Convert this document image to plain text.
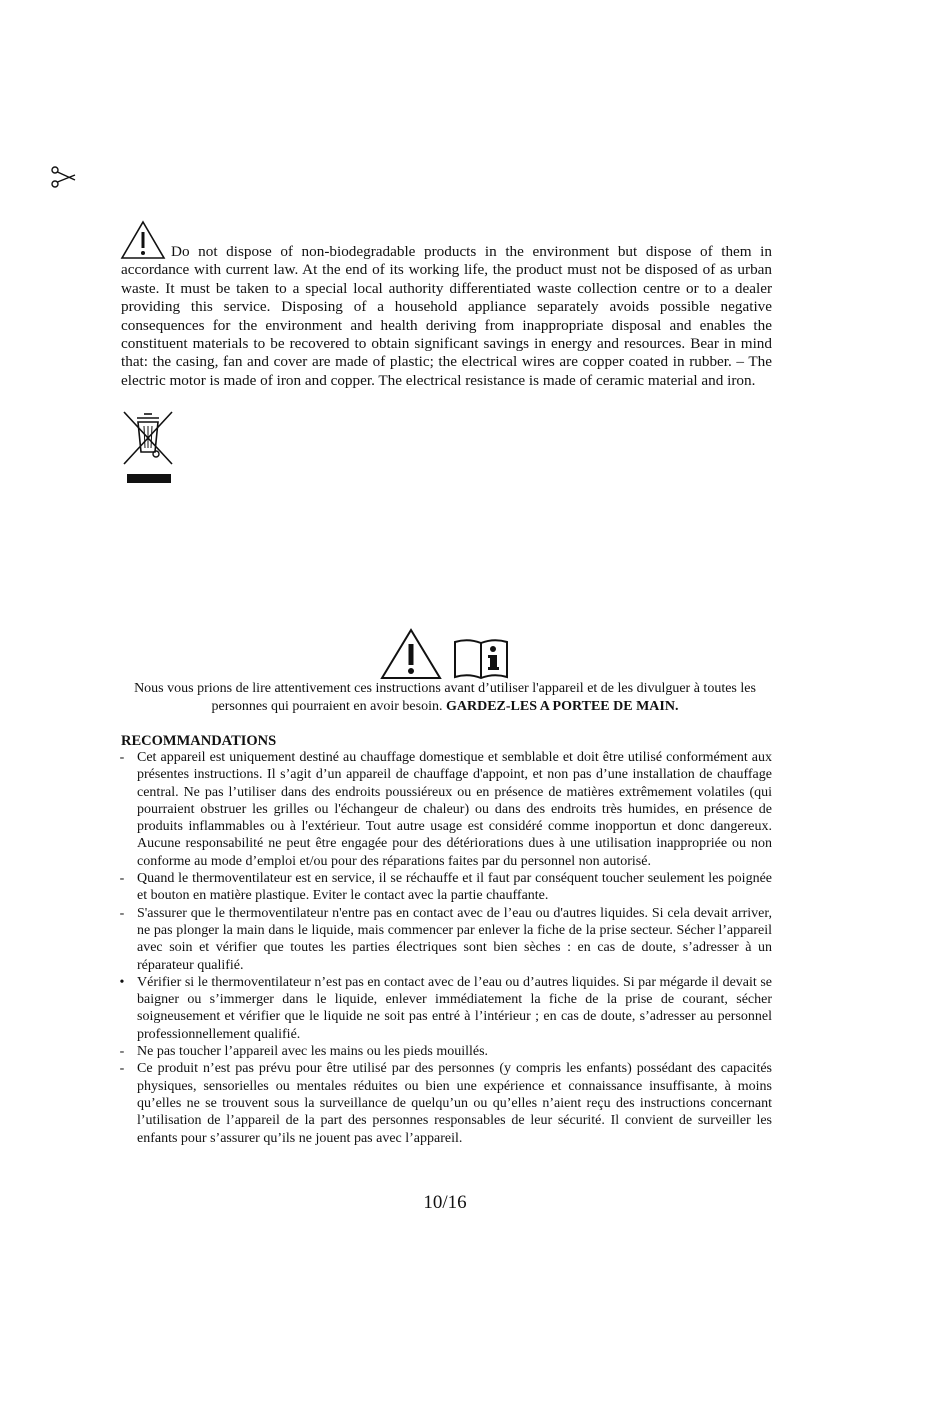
Do not dispose of non-biodegradable products in the environment but dispose of them in accordance with current law. At the end of its working life, the product must not be disposed of as urban waste. It must be taken to a special local authority differentiated waste collection centre or to a dealer providing this service. Disposing of a household appliance separately avoids possible negative consequences for the environment and health deriving from inappropriate disposal and enables the constituent materials to be recovered to obtain significant savings in energy and resources. Bear in mind that: the casing, fan and cover are made of plastic; the electrical wires are copper coated in rubber. – The electric motor is made of iron and copper. The electrical resistance is made of ceramic material and iron.
Nous vous prions de lire attentivement ces instructions avant d’utiliser l'appareil et de les divulguer à toutes les personnes qui pourraient en avoir besoin. GARDEZ-LES A PORTEE DE MAIN.
RECOMMANDATIONS

- Cet appareil est uniquement destiné au chauffage domestique et semblable et doit être utilisé conformément aux présentes instructions. Il s’agit d’un appareil de chauffage d'appoint, et non pas d’une installation de chauffage central. Ne pas l’utiliser dans des endroits poussiéreux ou en présence de matières extrêmement volatiles (qui pourraient obstruer les grilles ou l'échangeur de chaleur) ou dans des endroits très humides, en présence de produits inflammables ou à l'extérieur. Tout autre usage est considéré comme inopportun et donc dangereux. Aucune responsabilité ne peut être engagée pour des détériorations dues à une utilisation inappropriée ou non conforme au mode d’emploi et/ou pour des réparations faites par du personnel non autorisé.

- Quand le thermoventilateur est en service, il se réchauffe et il faut par conséquent toucher seulement les poignée et bouton en matière plastique. Eviter le contact avec la partie chauffante.

- S'assurer que le thermoventilateur n'entre pas en contact avec de l’eau ou d'autres liquides. Si cela devait arriver, ne pas plonger la main dans le liquide, mais commencer par enlever la fiche de la prise secteur. Sécher l’appareil avec soin et vérifier que toutes les parties électriques sont bien sèches : en cas de doute, s’adresser à un réparateur qualifié.

• Vérifier si le thermoventilateur n’est pas en contact avec de l’eau ou d’autres liquides. Si par mégarde il devait se baigner ou s’immerger dans le liquide, enlever immédiatement la fiche de la prise de courant, sécher soigneusement et vérifier que le liquide ne soit pas entré à l’intérieur ; en cas de doute, s’adresser au personnel professionnellement qualifié.

- Ne pas toucher l’appareil avec les mains ou les pieds mouillés.

- Ce produit n’est pas prévu pour être utilisé par des personnes (y compris les enfants) possédant des capacités physiques, sensorielles ou mentales réduites ou bien une expérience et connaissance insuffisante, à moins qu’elles ne se trouvent sous la surveillance de quelqu’un ou qu’elles n’aient reçu des instructions concernant l’utilisation de l’appareil de la part des personnes responsables de leur sécurité. Il convient de surveiller les enfants pour s’assurer qu’ils ne jouent pas avec l’appareil.

10/16
